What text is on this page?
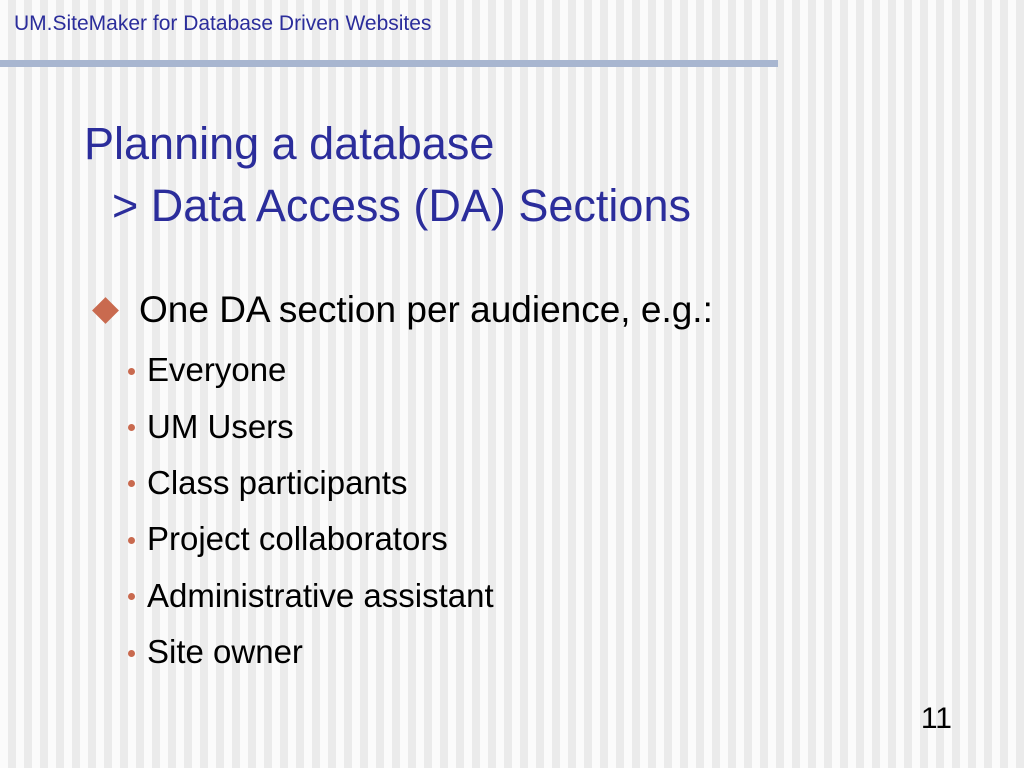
UM.SiteMaker for Database Driven Websites
Planning a database
> Data Access (DA) Sections
One DA section per audience, e.g.:
Everyone
UM Users
Class participants
Project collaborators
Administrative assistant
Site owner
11
